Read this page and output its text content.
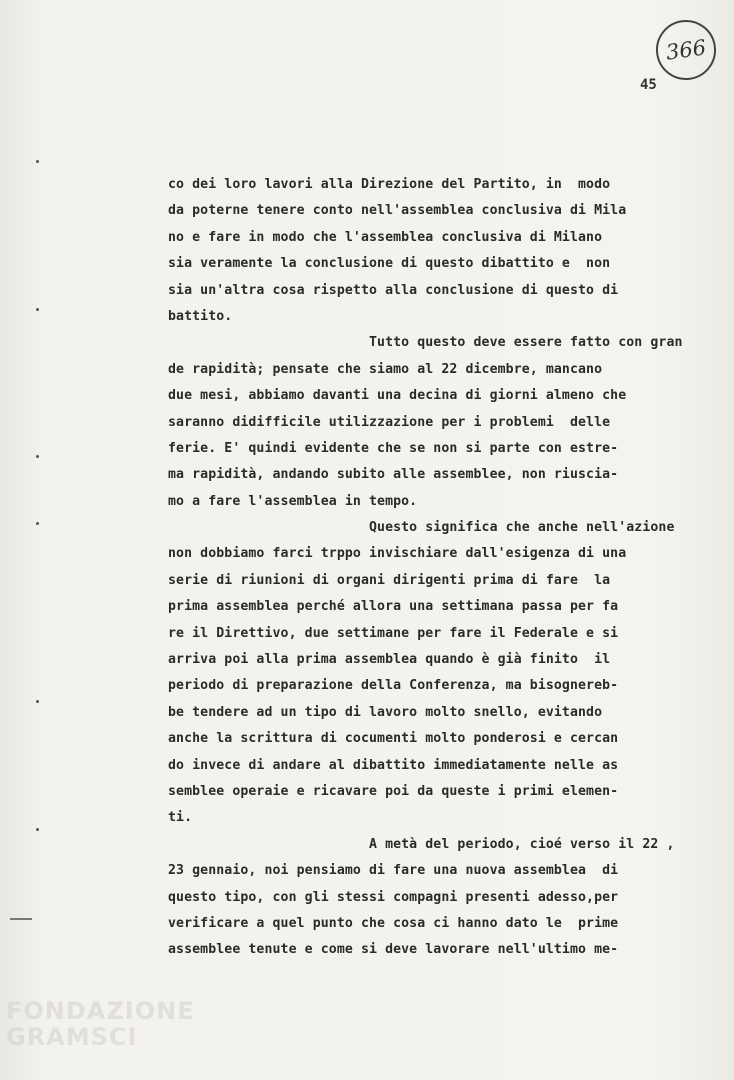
366
45
co dei loro lavori alla Direzione del Partito, in  modo
da poterne tenere conto nell'assemblea conclusiva di Mila
no e fare in modo che l'assemblea conclusiva di Milano
sia veramente la conclusione di questo dibattito e  non
sia un'altra cosa rispetto alla conclusione di questo di
battito.
Tutto questo deve essere fatto con gran
de rapidità; pensate che siamo al 22 dicembre, mancano
due mesi, abbiamo davanti una decina di giorni almeno che
saranno didifficile utilizzazione per i problemi  delle
ferie. E' quindi evidente che se non si parte con estre-
ma rapidità, andando subito alle assemblee, non riuscia-
mo a fare l'assemblea in tempo.
Questo significa che anche nell'azione
non dobbiamo farci trppo invischiare dall'esigenza di una
serie di riunioni di organi dirigenti prima di fare  la
prima assemblea perché allora una settimana passa per fa
re il Direttivo, due settimane per fare il Federale e si
arriva poi alla prima assemblea quando è già finito  il
periodo di preparazione della Conferenza, ma bisognereb-
be tendere ad un tipo di lavoro molto snello, evitando
anche la scrittura di cocumenti molto ponderosi e cercan
do invece di andare al dibattito immediatamente nelle as
semblee operaie e ricavare poi da queste i primi elemen-
ti.
A metà del periodo, cioé verso il 22 ,
23 gennaio, noi pensiamo di fare una nuova assemblea  di
questo tipo, con gli stessi compagni presenti adesso,per
verificare a quel punto che cosa ci hanno dato le  prime
assemblee tenute e come si deve lavorare nell'ultimo me-
FONDAZIONE
GRAMSCI
